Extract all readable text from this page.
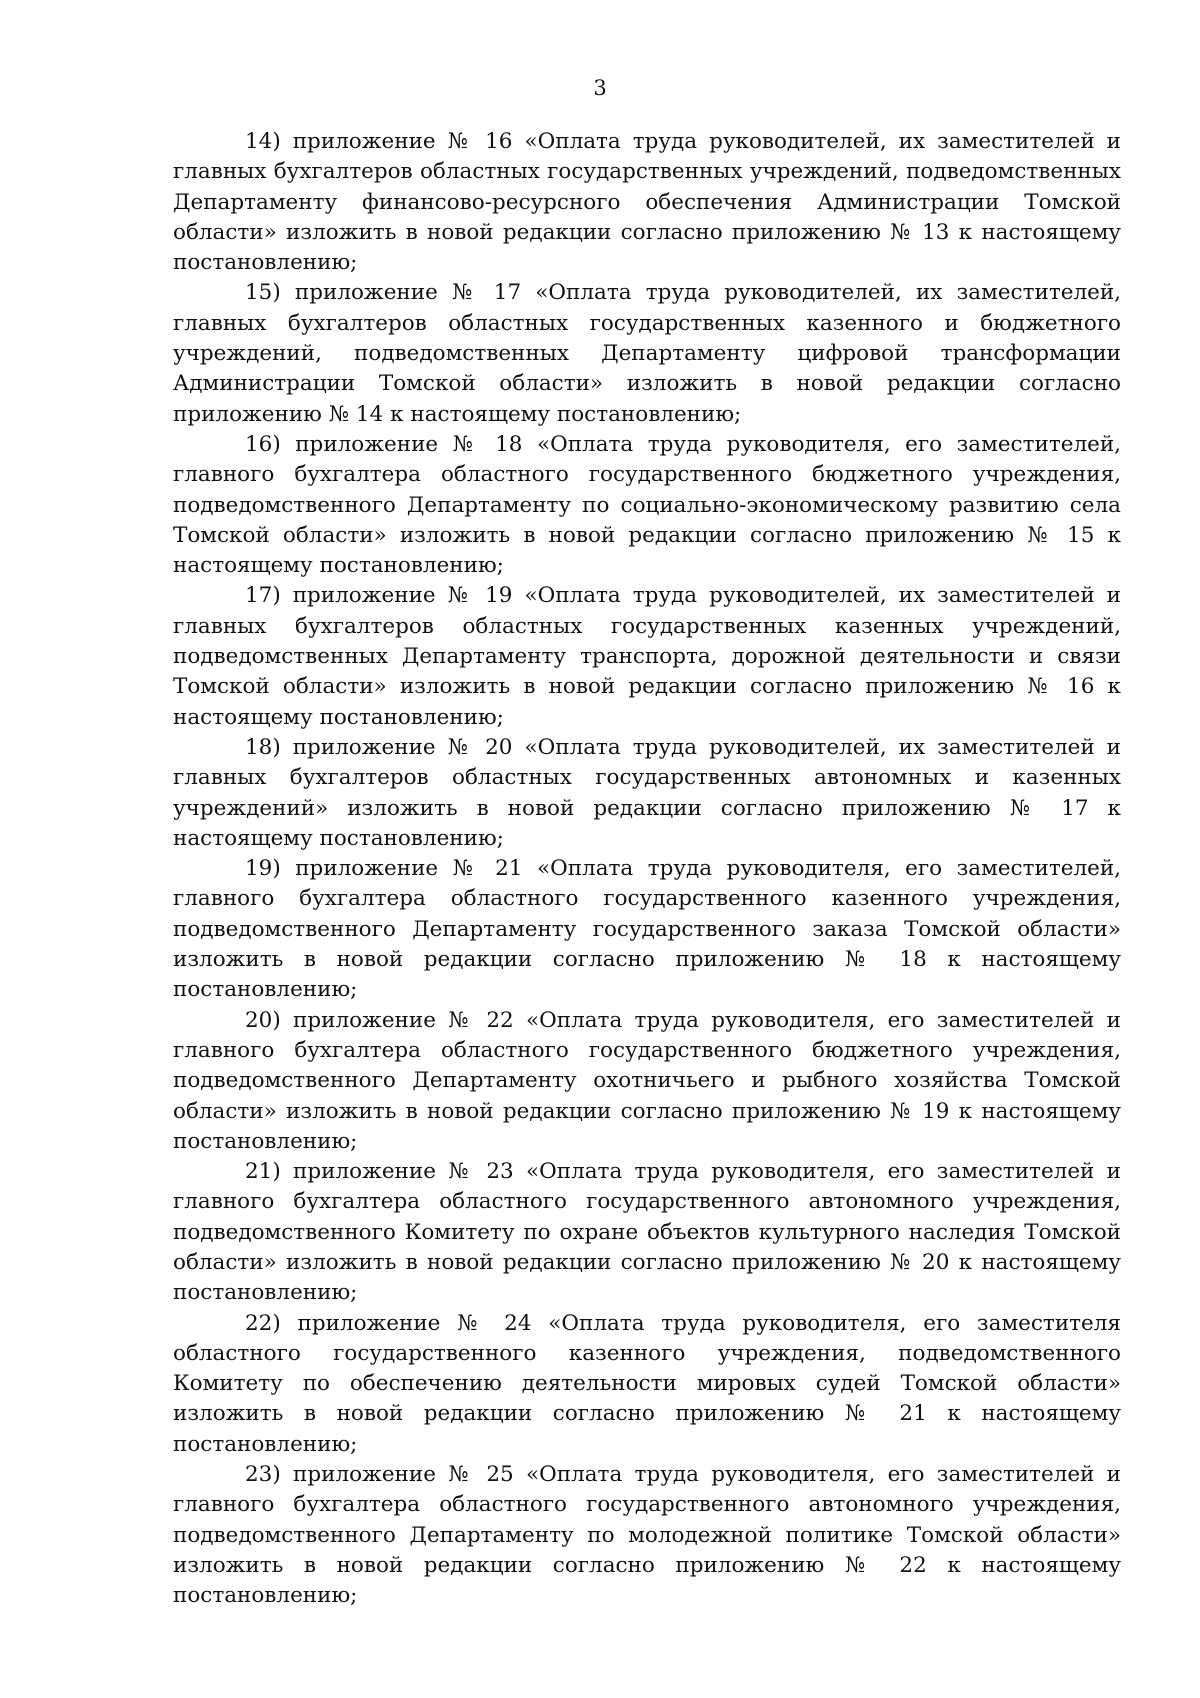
3

14) приложение № 16 «Оплата труда руководителей, их заместителей и главных бухгалтеров областных государственных учреждений, подведомственных Департаменту финансово-ресурсного обеспечения Администрации Томской области» изложить в новой редакции согласно приложению № 13 к настоящему постановлению;

15) приложение № 17 «Оплата труда руководителей, их заместителей, главных бухгалтеров областных государственных казенного и бюджетного учреждений, подведомственных Департаменту цифровой трансформации Администрации Томской области» изложить в новой редакции согласно приложению № 14 к настоящему постановлению;

16) приложение № 18 «Оплата труда руководителя, его заместителей, главного бухгалтера областного государственного бюджетного учреждения, подведомственного Департаменту по социально-экономическому развитию села Томской области» изложить в новой редакции согласно приложению № 15 к настоящему постановлению;

17) приложение № 19 «Оплата труда руководителей, их заместителей и главных бухгалтеров областных государственных казенных учреждений, подведомственных Департаменту транспорта, дорожной деятельности и связи Томской области» изложить в новой редакции согласно приложению № 16 к настоящему постановлению;

18) приложение № 20 «Оплата труда руководителей, их заместителей и главных бухгалтеров областных государственных автономных и казенных учреждений» изложить в новой редакции согласно приложению № 17 к настоящему постановлению;

19) приложение № 21 «Оплата труда руководителя, его заместителей, главного бухгалтера областного государственного казенного учреждения, подведомственного Департаменту государственного заказа Томской области» изложить в новой редакции согласно приложению № 18 к настоящему постановлению;

20) приложение № 22 «Оплата труда руководителя, его заместителей и главного бухгалтера областного государственного бюджетного учреждения, подведомственного Департаменту охотничьего и рыбного хозяйства Томской области» изложить в новой редакции согласно приложению № 19 к настоящему постановлению;

21) приложение № 23 «Оплата труда руководителя, его заместителей и главного бухгалтера областного государственного автономного учреждения, подведомственного Комитету по охране объектов культурного наследия Томской области» изложить в новой редакции согласно приложению № 20 к настоящему постановлению;

22) приложение № 24 «Оплата труда руководителя, его заместителя областного государственного казенного учреждения, подведомственного Комитету по обеспечению деятельности мировых судей Томской области» изложить в новой редакции согласно приложению № 21 к настоящему постановлению;

23) приложение № 25 «Оплата труда руководителя, его заместителей и главного бухгалтера областного государственного автономного учреждения, подведомственного Департаменту по молодежной политике Томской области» изложить в новой редакции согласно приложению № 22 к настоящему постановлению;
